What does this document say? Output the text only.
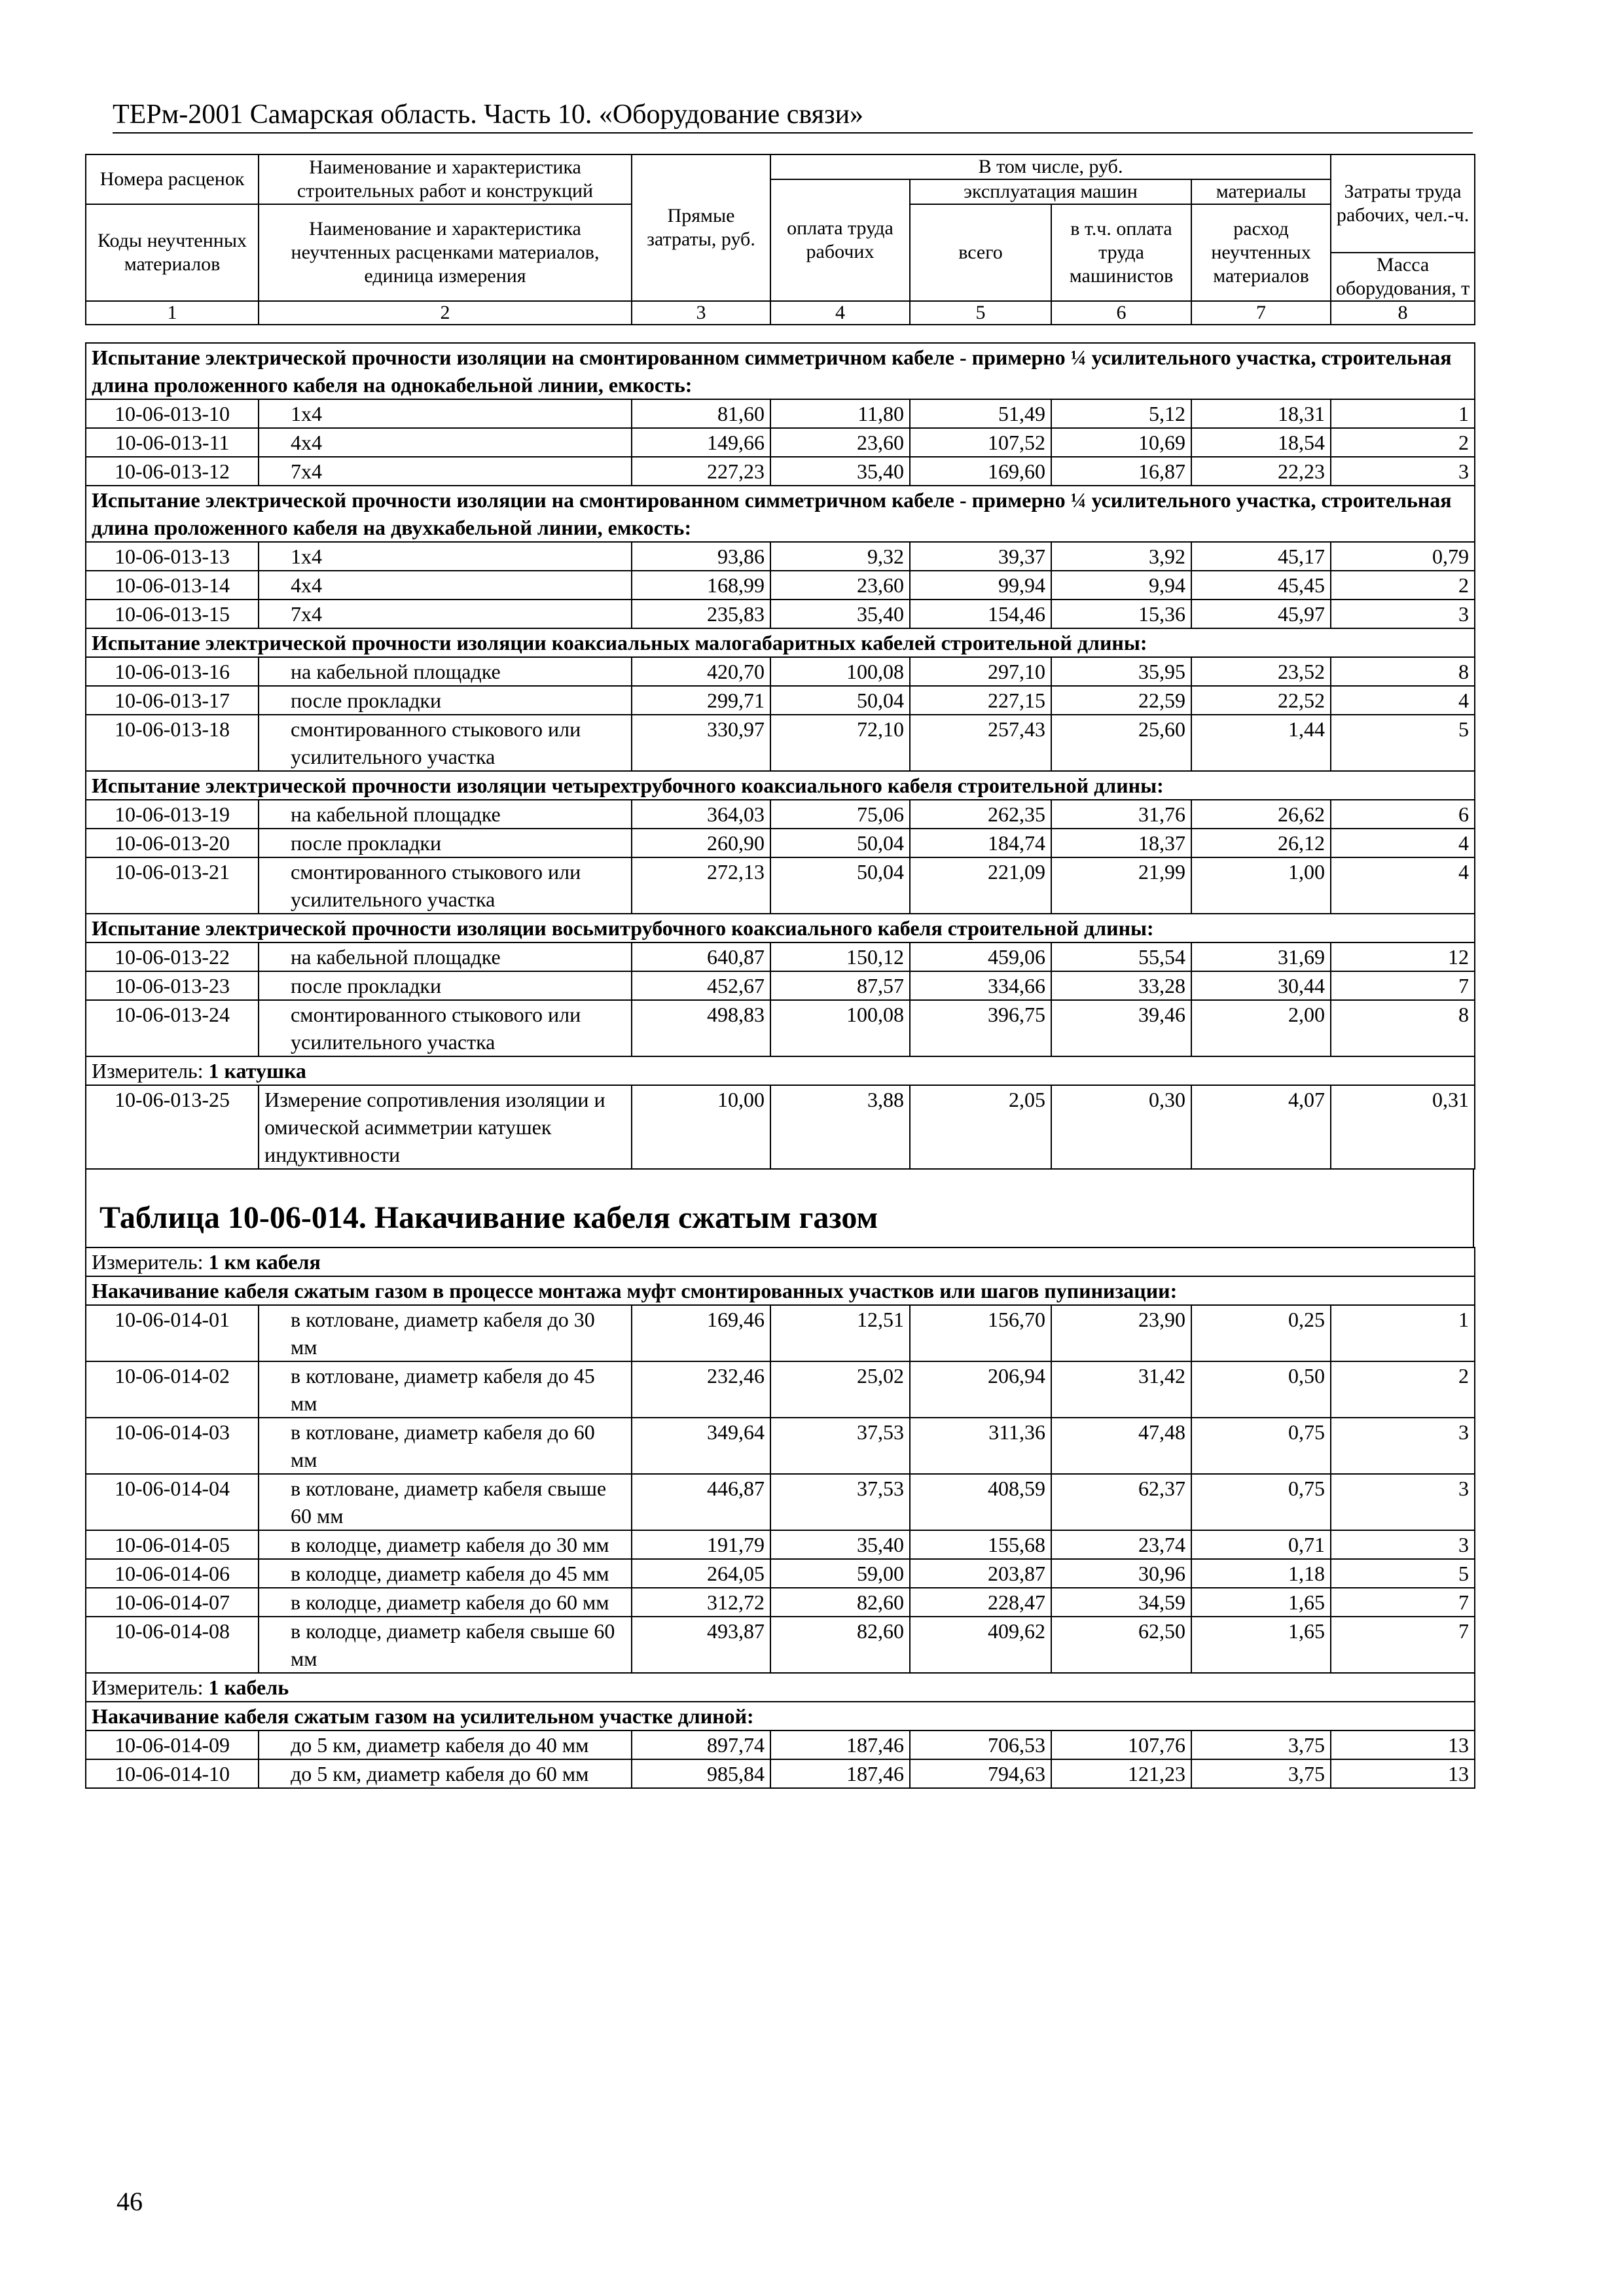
ТЕРм-2001 Самарская область. Часть 10. «Оборудование связи»
Номера расценок	Наименование и характеристика строительных работ и конструкций	Прямые затраты, руб.	В том числе, руб.				Затраты труда рабочих, чел.-ч.
			оплата труда рабочих	эксплуатация машин		материалы	
Коды неучтенных материалов	Наименование и характеристика неучтенных расценками материалов, единица измерения			всего	в т.ч. оплата труда машинистов	расход неучтенных материалов	
							Масса оборудования, т
1	2	3	4	5	6	7	8
Испытание электрической прочности изоляции на смонтированном симметричном кабеле - примерно ¼ усилительного участка, строительная длина проложенного кабеля на однокабельной линии, емкость:							
10-06-013-10	1х4	81,60	11,80	51,49	5,12	18,31	1
10-06-013-11	4х4	149,66	23,60	107,52	10,69	18,54	2
10-06-013-12	7х4	227,23	35,40	169,60	16,87	22,23	3
Испытание электрической прочности изоляции на смонтированном симметричном кабеле - примерно ¼ усилительного участка, строительная длина проложенного кабеля на двухкабельной линии, емкость:							
10-06-013-13	1х4	93,86	9,32	39,37	3,92	45,17	0,79
10-06-013-14	4х4	168,99	23,60	99,94	9,94	45,45	2
10-06-013-15	7х4	235,83	35,40	154,46	15,36	45,97	3
Испытание электрической прочности изоляции коаксиальных малогабаритных кабелей строительной длины:							
10-06-013-16	на кабельной площадке	420,70	100,08	297,10	35,95	23,52	8
10-06-013-17	после прокладки	299,71	50,04	227,15	22,59	22,52	4
10-06-013-18	смонтированного стыкового или усилительного участка	330,97	72,10	257,43	25,60	1,44	5
Испытание электрической прочности изоляции четырехтрубочного коаксиального кабеля строительной длины:							
10-06-013-19	на кабельной площадке	364,03	75,06	262,35	31,76	26,62	6
10-06-013-20	после прокладки	260,90	50,04	184,74	18,37	26,12	4
10-06-013-21	смонтированного стыкового или усилительного участка	272,13	50,04	221,09	21,99	1,00	4
Испытание электрической прочности изоляции восьмитрубочного коаксиального кабеля строительной длины:							
10-06-013-22	на кабельной площадке	640,87	150,12	459,06	55,54	31,69	12
10-06-013-23	после прокладки	452,67	87,57	334,66	33,28	30,44	7
10-06-013-24	смонтированного стыкового или усилительного участка	498,83	100,08	396,75	39,46	2,00	8
Измеритель: 1 катушка							
10-06-013-25	Измерение сопротивления изоляции и омической асимметрии катушек индуктивности	10,00	3,88	2,05	0,30	4,07	0,31
Таблица 10-06-014. Накачивание кабеля сжатым газом
Измеритель: 1 км кабеля							
Накачивание кабеля сжатым газом в процессе монтажа муфт смонтированных участков или шагов пупинизации:							
10-06-014-01	в котловане, диаметр кабеля до 30 мм	169,46	12,51	156,70	23,90	0,25	1
10-06-014-02	в котловане, диаметр кабеля до 45 мм	232,46	25,02	206,94	31,42	0,50	2
10-06-014-03	в котловане, диаметр кабеля до 60 мм	349,64	37,53	311,36	47,48	0,75	3
10-06-014-04	в котловане, диаметр кабеля свыше 60 мм	446,87	37,53	408,59	62,37	0,75	3
10-06-014-05	в колодце, диаметр кабеля до 30 мм	191,79	35,40	155,68	23,74	0,71	3
10-06-014-06	в колодце, диаметр кабеля до 45 мм	264,05	59,00	203,87	30,96	1,18	5
10-06-014-07	в колодце, диаметр кабеля до 60 мм	312,72	82,60	228,47	34,59	1,65	7
10-06-014-08	в колодце, диаметр кабеля свыше 60 мм	493,87	82,60	409,62	62,50	1,65	7
Измеритель: 1 кабель							
Накачивание кабеля сжатым газом на усилительном участке длиной:							
10-06-014-09	до 5 км, диаметр кабеля до 40 мм	897,74	187,46	706,53	107,76	3,75	13
10-06-014-10	до 5 км, диаметр кабеля до 60 мм	985,84	187,46	794,63	121,23	3,75	13
46
